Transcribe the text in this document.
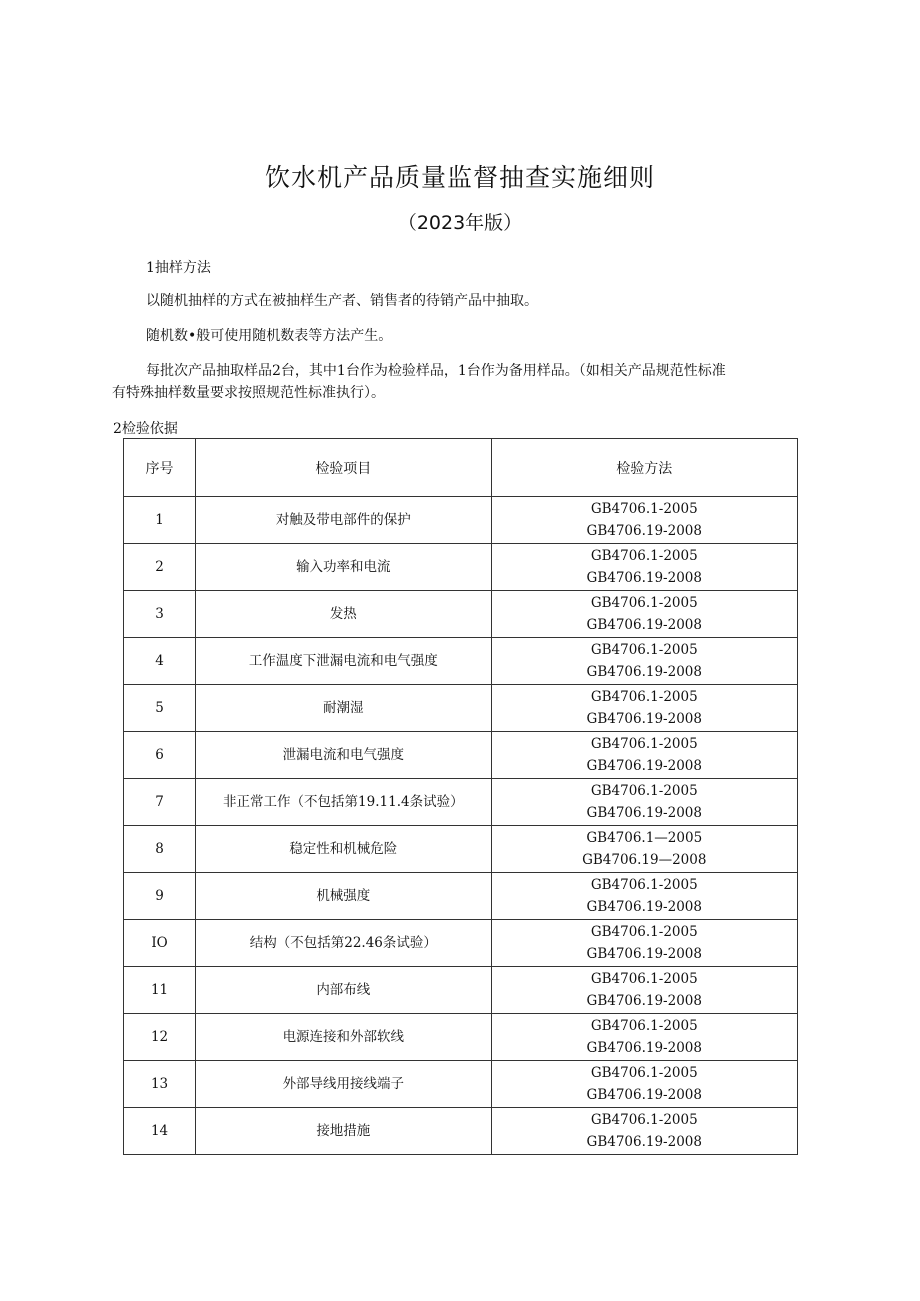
饮水机产品质量监督抽查实施细则
（2023年版）
1抽样方法
以随机抽样的方式在被抽样生产者、销售者的待销产品中抽取。
随机数•般可使用随机数表等方法产生。
每批次产品抽取样品2台，其中1台作为检验样品，1台作为备用样品。（如相关产品规范性标准
有特殊抽样数量要求按照规范性标准执行）。
2检验依据
序号	检验项目	检验方法
1	对触及带电部件的保护	GB4706.1-2005
GB4706.19-2008

2	输入功率和电流	GB4706.1-2005
GB4706.19-2008

3	发热	GB4706.1-2005
GB4706.19-2008

4	工作温度下泄漏电流和电气强度	GB4706.1-2005
GB4706.19-2008

5	耐潮湿	GB4706.1-2005
GB4706.19-2008

6	泄漏电流和电气强度	GB4706.1-2005
GB4706.19-2008

7	非正常工作（不包括第19.11.4条试验）	GB4706.1-2005
GB4706.19-2008

8	稳定性和机械危险	GB4706.1—2005
GB4706.19—2008

9	机械强度	GB4706.1-2005
GB4706.19-2008

IO	结构（不包括第22.46条试验）	GB4706.1-2005
GB4706.19-2008

11	内部布线	GB4706.1-2005
GB4706.19-2008

12	电源连接和外部软线	GB4706.1-2005
GB4706.19-2008

13	外部导线用接线端子	GB4706.1-2005
GB4706.19-2008

14	接地措施	GB4706.1-2005
GB4706.19-2008
